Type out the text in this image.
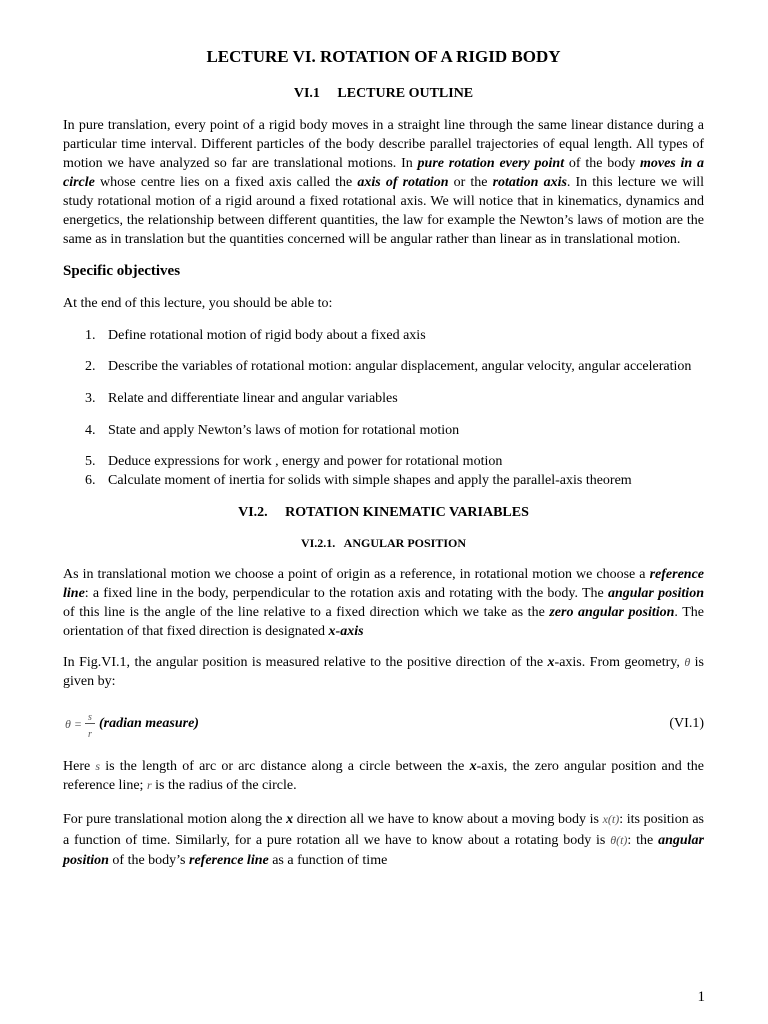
LECTURE VI. ROTATION OF A RIGID BODY
VI.1 LECTURE OUTLINE

In pure translation, every point of a rigid body moves in a straight line through the same linear distance during a particular time interval. Different particles of the body describe parallel trajectories of equal length. All types of motion we have analyzed so far are translational motions. In pure rotation every point of the body moves in a circle whose centre lies on a fixed axis called the axis of rotation or the rotation axis. In this lecture we will study rotational motion of a rigid around a fixed rotational axis. We will notice that in kinematics, dynamics and energetics, the relationship between different quantities, the law for example the Newton’s laws of motion are the same as in translation but the quantities concerned will be angular rather than linear as in translational motion.

Specific objectives
At the end of this lecture, you should be able to:
1. Define rotational motion of rigid body about a fixed axis
2. Describe the variables of rotational motion: angular displacement, angular velocity, angular acceleration
3. Relate and differentiate linear and angular variables
4. State and apply Newton’s laws of motion for rotational motion
5. Deduce expressions for work , energy and power for rotational motion
6. Calculate moment of inertia for solids with simple shapes and apply the parallel-axis theorem
VI.2. ROTATION KINEMATIC VARIABLES
VI.2.1. ANGULAR POSITION

As in translational motion we choose a point of origin as a reference, in rotational motion we choose a reference line: a fixed line in the body, perpendicular to the rotation axis and rotating with the body. The angular position of this line is the angle of the line relative to a fixed direction which we take as the zero angular position. The orientation of that fixed direction is designated x-axis

In Fig.VI.1, the angular position is measured relative to the positive direction of the x-axis. From geometry, θ is given by:

θ = s
r
(radian measure)	(VI.1)

Here s is the length of arc or arc distance along a circle between the x-axis, the zero angular position and the reference line; r is the radius of the circle.

For pure translational motion along the x direction all we have to know about a moving body is x(t): its position as a function of time. Similarly, for a pure rotation all we have to know about a rotating body is θ(t): the angular position of the body’s reference line as a function of time

1
